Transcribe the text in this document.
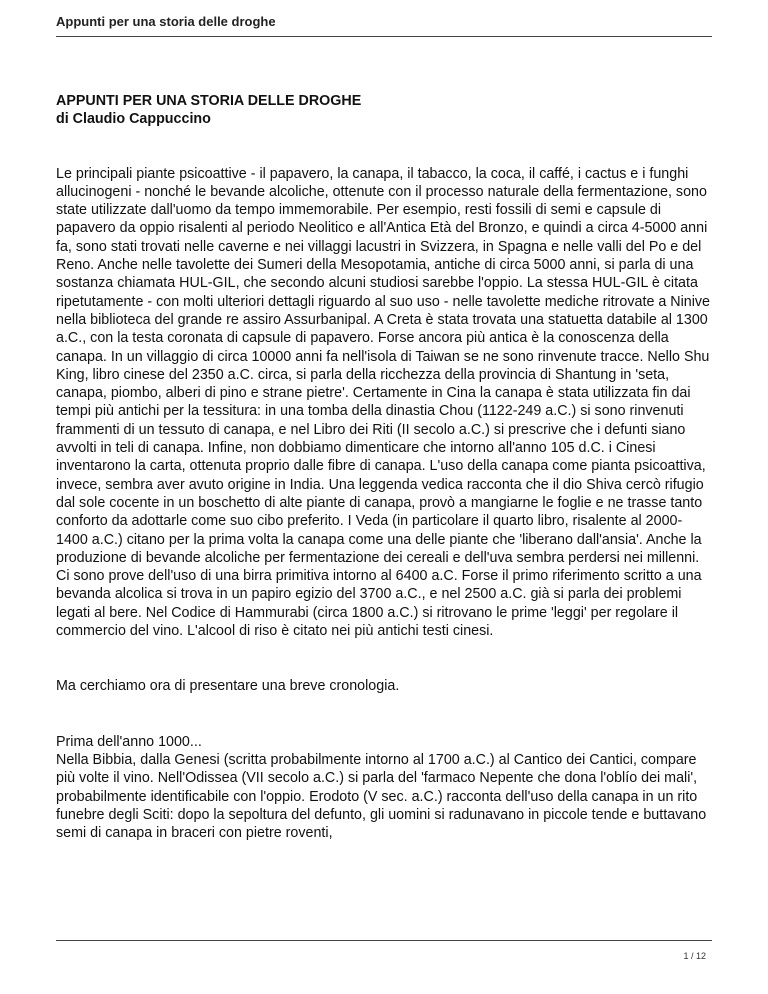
Appunti per una storia delle droghe

APPUNTI PER UNA STORIA DELLE DROGHE

di Claudio Cappuccino

Le principali piante psicoattive - il papavero, la canapa, il tabacco, la coca, il caffé, i cactus e i funghi allucinogeni - nonché le bevande alcoliche, ottenute con il processo naturale della fermentazione, sono state utilizzate dall'uomo da tempo immemorabile. Per esempio, resti fossili di semi e capsule di papavero da oppio risalenti al periodo Neolitico e all'Antica Età del Bronzo, e quindi a circa 4-5000 anni fa, sono stati trovati nelle caverne e nei villaggi lacustri in Svizzera, in Spagna e nelle valli del Po e del Reno. Anche nelle tavolette dei Sumeri della Mesopotamia, antiche di circa 5000 anni, si parla di una sostanza chiamata HUL-GIL, che secondo alcuni studiosi sarebbe l'oppio. La stessa HUL-GIL è citata ripetutamente - con molti ulteriori dettagli riguardo al suo uso - nelle tavolette mediche ritrovate a Ninive nella biblioteca del grande re assiro Assurbanipal. A Creta è stata trovata una statuetta databile al 1300 a.C., con la testa coronata di capsule di papavero. Forse ancora più antica è la conoscenza della canapa. In un villaggio di circa 10000 anni fa nell'isola di Taiwan se ne sono rinvenute tracce. Nello Shu King, libro cinese del 2350 a.C. circa, si parla della ricchezza della provincia di Shantung in 'seta, canapa, piombo, alberi di pino e strane pietre'. Certamente in Cina la canapa è stata utilizzata fin dai tempi più antichi per la tessitura: in una tomba della dinastia Chou (1122-249 a.C.) si sono rinvenuti frammenti di un tessuto di canapa, e nel Libro dei Riti (II secolo a.C.) si prescrive che i defunti siano avvolti in teli di canapa. Infine, non dobbiamo dimenticare che intorno all'anno 105 d.C. i Cinesi inventarono la carta, ottenuta proprio dalle fibre di canapa. L'uso della canapa come pianta psicoattiva, invece, sembra aver avuto origine in India. Una leggenda vedica racconta che il dio Shiva cercò rifugio dal sole cocente in un boschetto di alte piante di canapa, provò a mangiarne le foglie e ne trasse tanto conforto da adottarle come suo cibo preferito. I Veda (in particolare il quarto libro, risalente al 2000-1400 a.C.) citano per la prima volta la canapa come una delle piante che 'liberano dall'ansia'. Anche la produzione di bevande alcoliche per fermentazione dei cereali e dell'uva sembra perdersi nei millenni. Ci sono prove dell'uso di una birra primitiva intorno al 6400 a.C. Forse il primo riferimento scritto a una bevanda alcolica si trova in un papiro egizio del 3700 a.C., e nel 2500 a.C. già si parla dei problemi legati al bere. Nel Codice di Hammurabi (circa 1800 a.C.) si ritrovano le prime 'leggi' per regolare il commercio del vino. L'alcool di riso è citato nei più antichi testi cinesi.

Ma cerchiamo ora di presentare una breve cronologia.

Prima dell'anno 1000...

Nella Bibbia, dalla Genesi (scritta probabilmente intorno al 1700 a.C.) al Cantico dei Cantici, compare più volte il vino. Nell'Odissea (VII secolo a.C.) si parla del 'farmaco Nepente che dona l'oblío dei mali', probabilmente identificabile con l'oppio. Erodoto (V sec. a.C.) racconta dell'uso della canapa in un rito funebre degli Sciti: dopo la sepoltura del defunto, gli uomini si radunavano in piccole tende e buttavano semi di canapa in braceri con pietre roventi,

1 / 12
